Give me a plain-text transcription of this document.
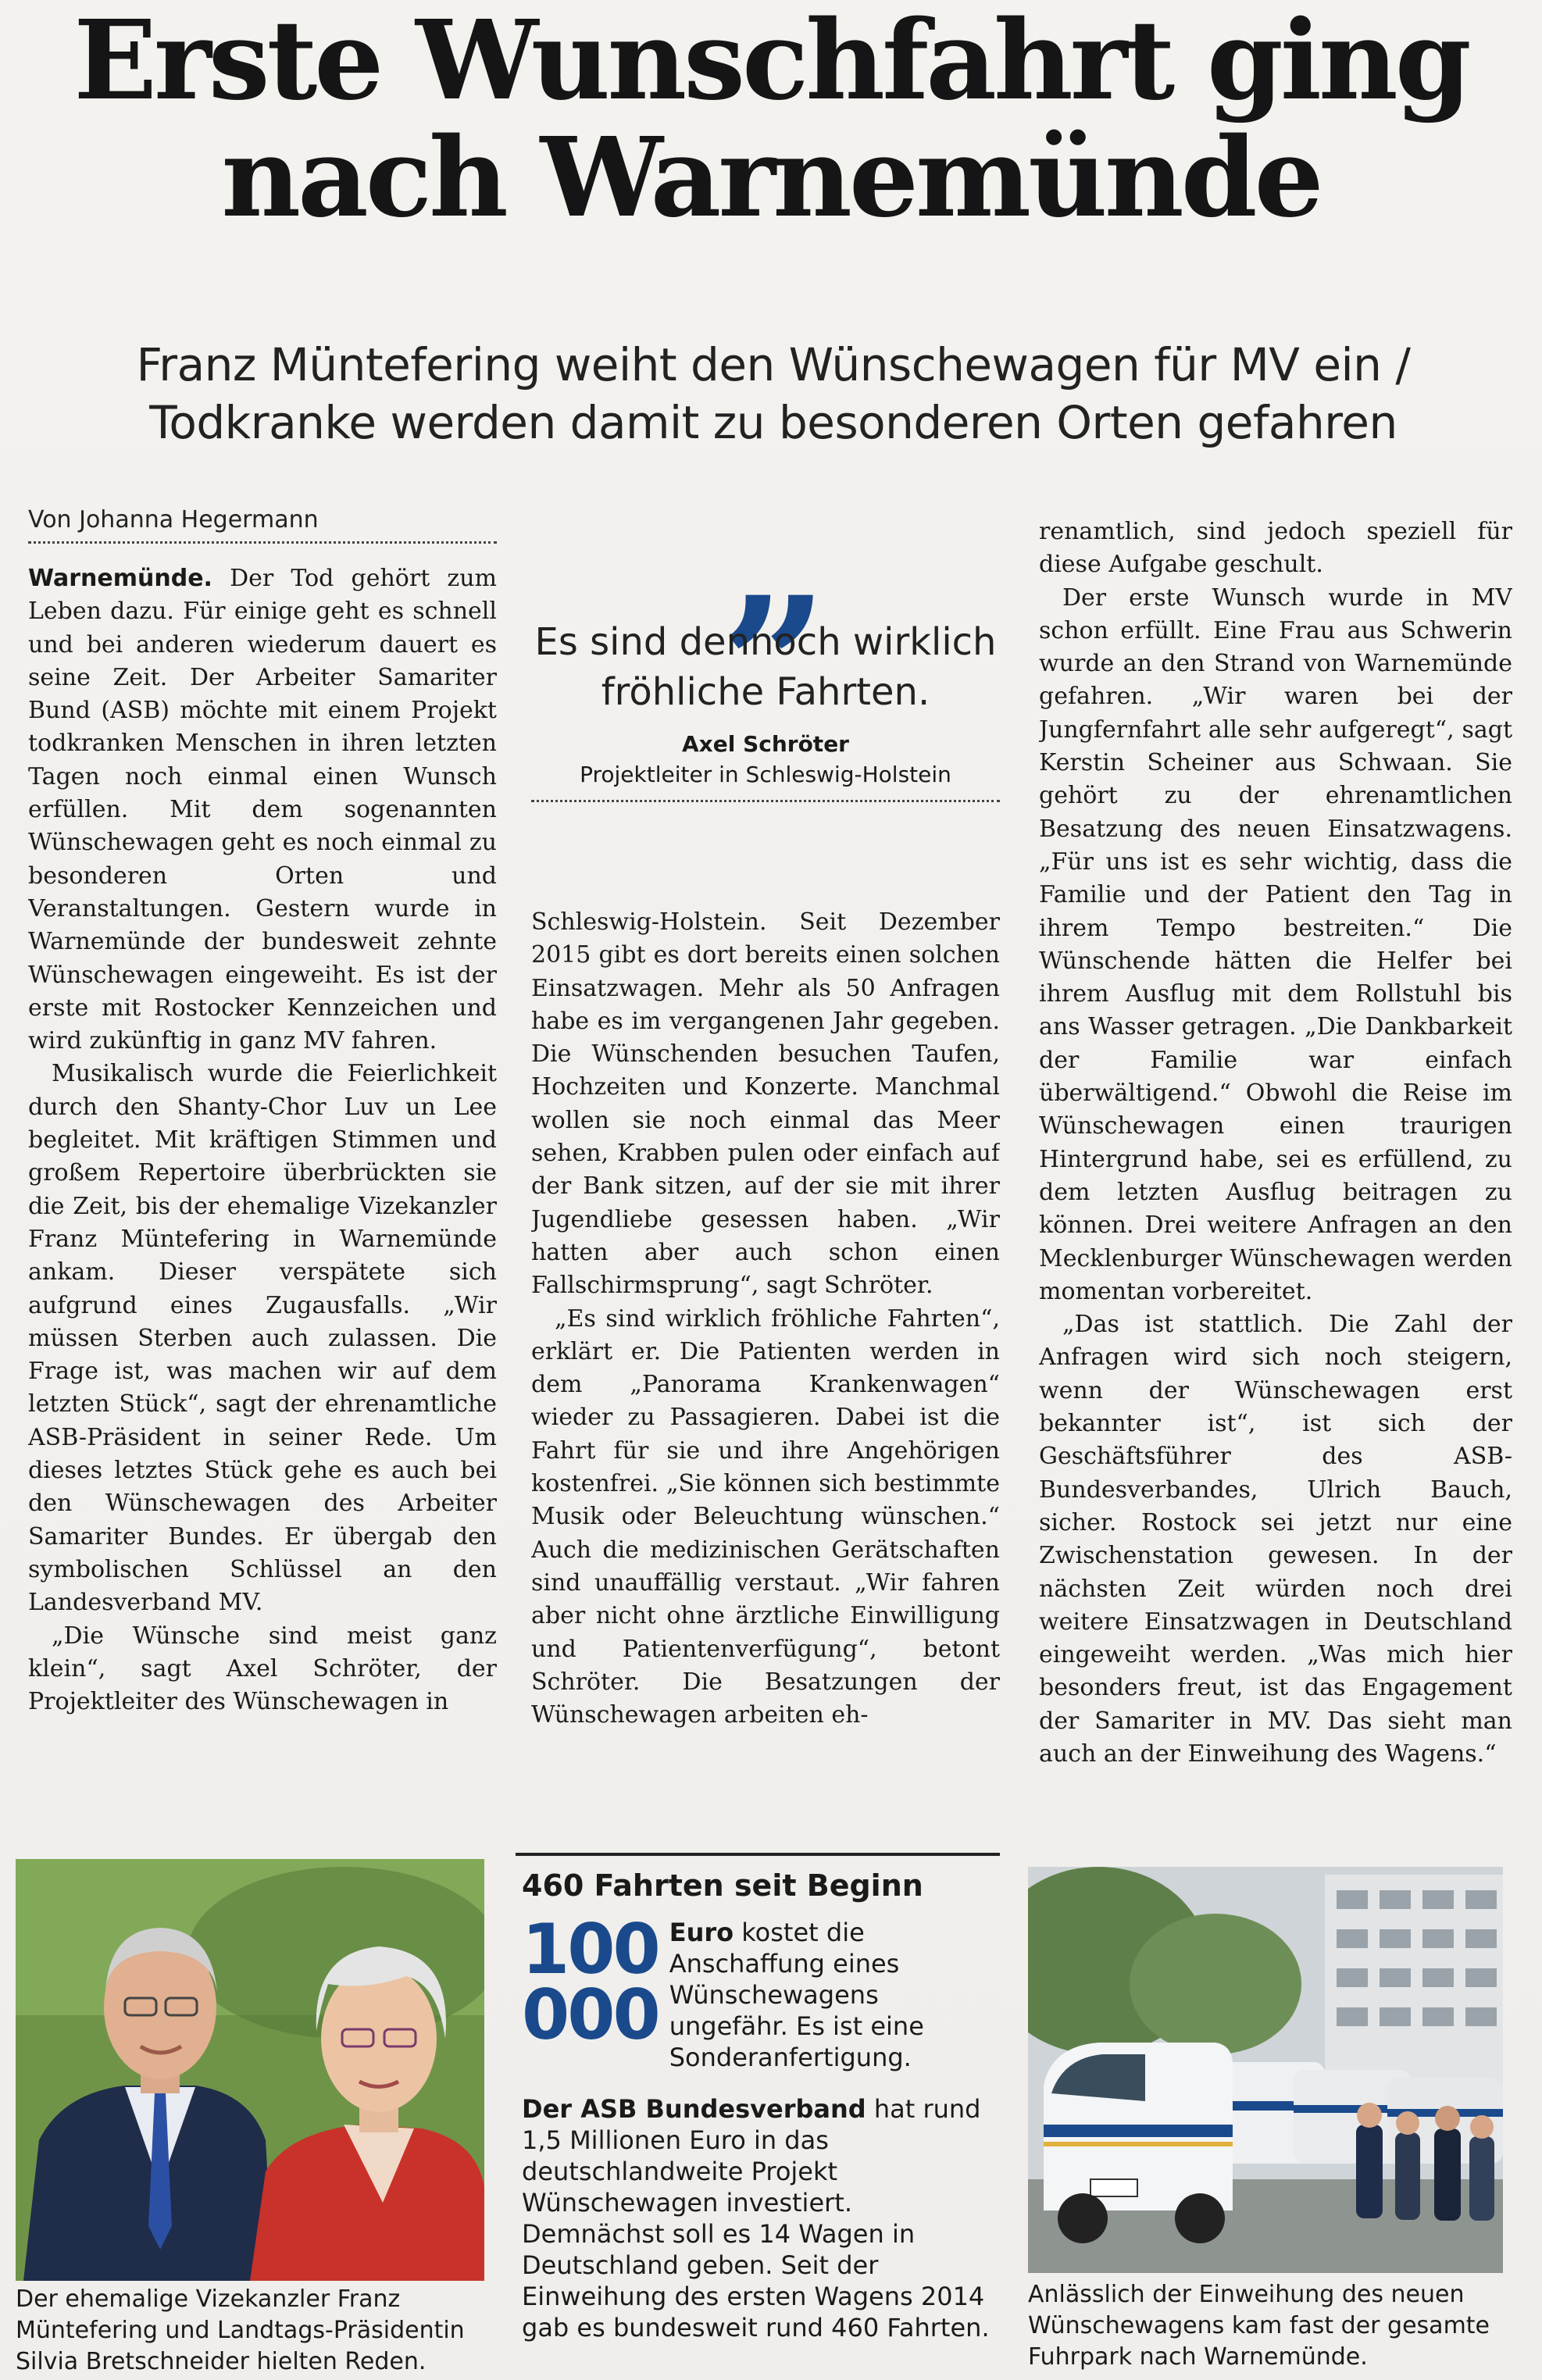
Erste Wunschfahrt ging
nach Warnemünde
Franz Müntefering weiht den Wünschewagen für MV ein /
Todkranke werden damit zu besonderen Orten gefahren
Von Johanna Hegermann

Warnemünde. Der Tod gehört zum Leben dazu. Für einige geht es schnell und bei anderen wiederum dauert es seine Zeit. Der Arbeiter Samariter Bund (ASB) möchte mit einem Projekt todkranken Menschen in ihren letzten Tagen noch einmal einen Wunsch erfüllen. Mit dem sogenannten Wünschewagen geht es noch einmal zu besonderen Orten und Veranstaltungen. Gestern wurde in Warnemünde der bundesweit zehnte Wünschewagen eingeweiht. Es ist der erste mit Rostocker Kennzeichen und wird zukünftig in ganz MV fahren.

Musikalisch wurde die Feierlichkeit durch den Shanty-Chor Luv un Lee begleitet. Mit kräftigen Stimmen und großem Repertoire überbrückten sie die Zeit, bis der ehemalige Vizekanzler Franz Müntefering in Warnemünde ankam. Dieser verspätete sich aufgrund eines Zugausfalls. „Wir müssen Sterben auch zulassen. Die Frage ist, was machen wir auf dem letzten Stück“, sagt der ehrenamtliche ASB-Präsident in seiner Rede. Um dieses letztes Stück gehe es auch bei den Wünschewagen des Arbeiter Samariter Bundes. Er übergab den symbolischen Schlüssel an den Landesverband MV.

„Die Wünsche sind meist ganz klein“, sagt Axel Schröter, der Projektleiter des Wünschewagen in

„
Es sind dennoch wirklich fröhliche Fahrten.
Axel Schröter
Projektleiter in Schleswig-Holstein

Schleswig-Holstein. Seit Dezember 2015 gibt es dort bereits einen solchen Einsatzwagen. Mehr als 50 Anfragen habe es im vergangenen Jahr gegeben. Die Wünschenden besuchen Taufen, Hochzeiten und Konzerte. Manchmal wollen sie noch einmal das Meer sehen, Krabben pulen oder einfach auf der Bank sitzen, auf der sie mit ihrer Jugendliebe gesessen haben. „Wir hatten aber auch schon einen Fallschirmsprung“, sagt Schröter.

„Es sind wirklich fröhliche Fahrten“, erklärt er. Die Patienten werden in dem „Panorama Krankenwagen“ wieder zu Passagieren. Dabei ist die Fahrt für sie und ihre Angehörigen kostenfrei. „Sie können sich bestimmte Musik oder Beleuchtung wünschen.“ Auch die medizinischen Gerätschaften sind unauffällig verstaut. „Wir fahren aber nicht ohne ärztliche Einwilligung und Patientenverfügung“, betont Schröter. Die Besatzungen der Wünschewagen arbeiten eh-

renamtlich, sind jedoch speziell für diese Aufgabe geschult.

Der erste Wunsch wurde in MV schon erfüllt. Eine Frau aus Schwerin wurde an den Strand von Warnemünde gefahren. „Wir waren bei der Jungfernfahrt alle sehr aufgeregt“, sagt Kerstin Scheiner aus Schwaan. Sie gehört zu der ehrenamtlichen Besatzung des neuen Einsatzwagens. „Für uns ist es sehr wichtig, dass die Familie und der Patient den Tag in ihrem Tempo bestreiten.“ Die Wünschende hätten die Helfer bei ihrem Ausflug mit dem Rollstuhl bis ans Wasser getragen. „Die Dankbarkeit der Familie war einfach überwältigend.“ Obwohl die Reise im Wünschewagen einen traurigen Hintergrund habe, sei es erfüllend, zu dem letzten Ausflug beitragen zu können. Drei weitere Anfragen an den Mecklenburger Wünschewagen werden momentan vorbereitet.

„Das ist stattlich. Die Zahl der Anfragen wird sich noch steigern, wenn der Wünschewagen erst bekannter ist“, ist sich der Geschäftsführer des ASB-Bundesverbandes, Ulrich Bauch, sicher. Rostock sei jetzt nur eine Zwischenstation gewesen. In der nächsten Zeit würden noch drei weitere Einsatzwagen in Deutschland eingeweiht werden. „Was mich hier besonders freut, ist das Engagement der Samariter in MV. Das sieht man auch an der Einweihung des Wagens.“

460 Fahrten seit Beginn
100 000
Euro kostet die Anschaffung eines Wünschewagens ungefähr. Es ist eine Sonderanfertigung.
Der ASB Bundesverband hat rund 1,5 Millionen Euro in das deutschlandweite Projekt Wünschewagen investiert. Demnächst soll es 14 Wagen in Deutschland geben. Seit der Einweihung des ersten Wagens 2014 gab es bundesweit rund 460 Fahrten.
Der ehemalige Vizekanzler Franz Müntefering und Landtags-Präsidentin Silvia Bretschneider hielten Reden.
Anlässlich der Einweihung des neuen Wünschewagens kam fast der gesamte Fuhrpark nach Warnemünde.
